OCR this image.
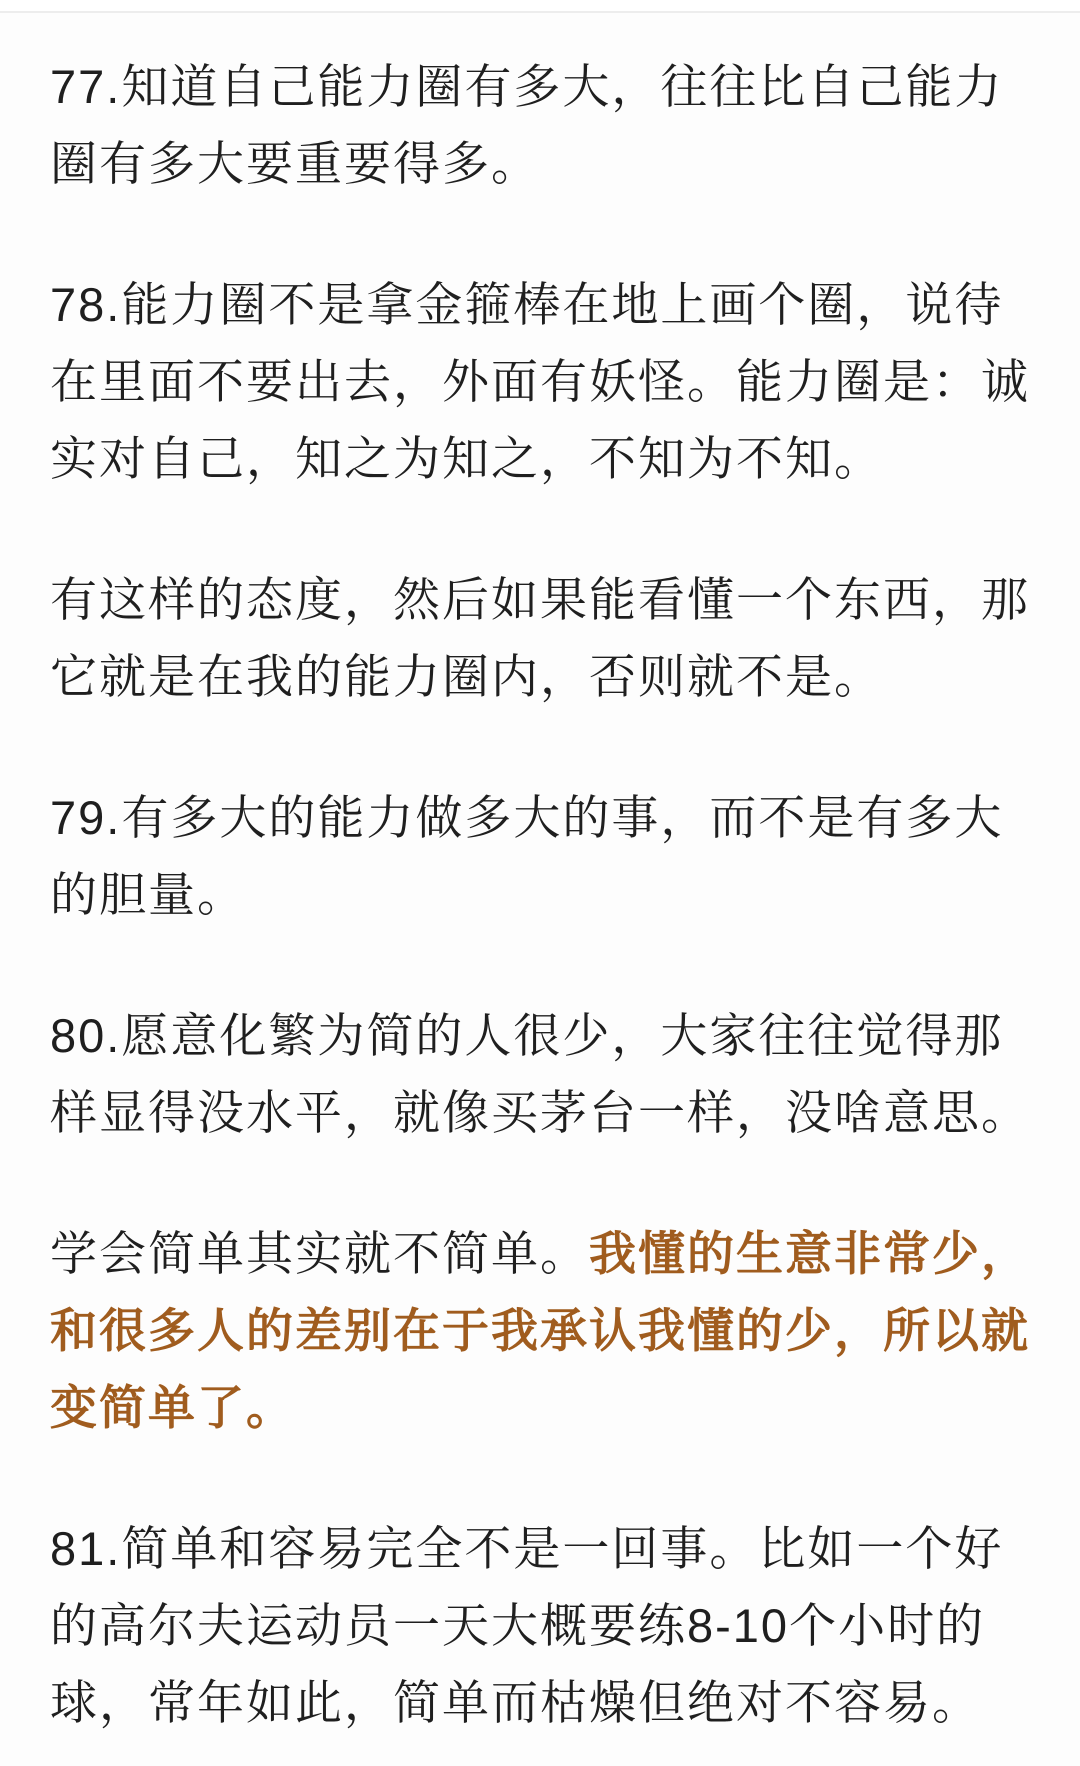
77.知道自己能力圈有多大，往往比自己能力圈有多大要重要得多。

78.能力圈不是拿金箍棒在地上画个圈，说待在里面不要出去，外面有妖怪。能力圈是：诚实对自己，知之为知之，不知为不知。

有这样的态度，然后如果能看懂一个东西，那它就是在我的能力圈内，否则就不是。

79.有多大的能力做多大的事，而不是有多大的胆量。

80.愿意化繁为简的人很少，大家往往觉得那样显得没水平，就像买茅台一样，没啥意思。

学会简单其实就不简单。我懂的生意非常少，和很多人的差别在于我承认我懂的少，所以就变简单了。

81.简单和容易完全不是一回事。比如一个好的高尔夫运动员一天大概要练8-10个小时的球，常年如此，简单而枯燥但绝对不容易。
